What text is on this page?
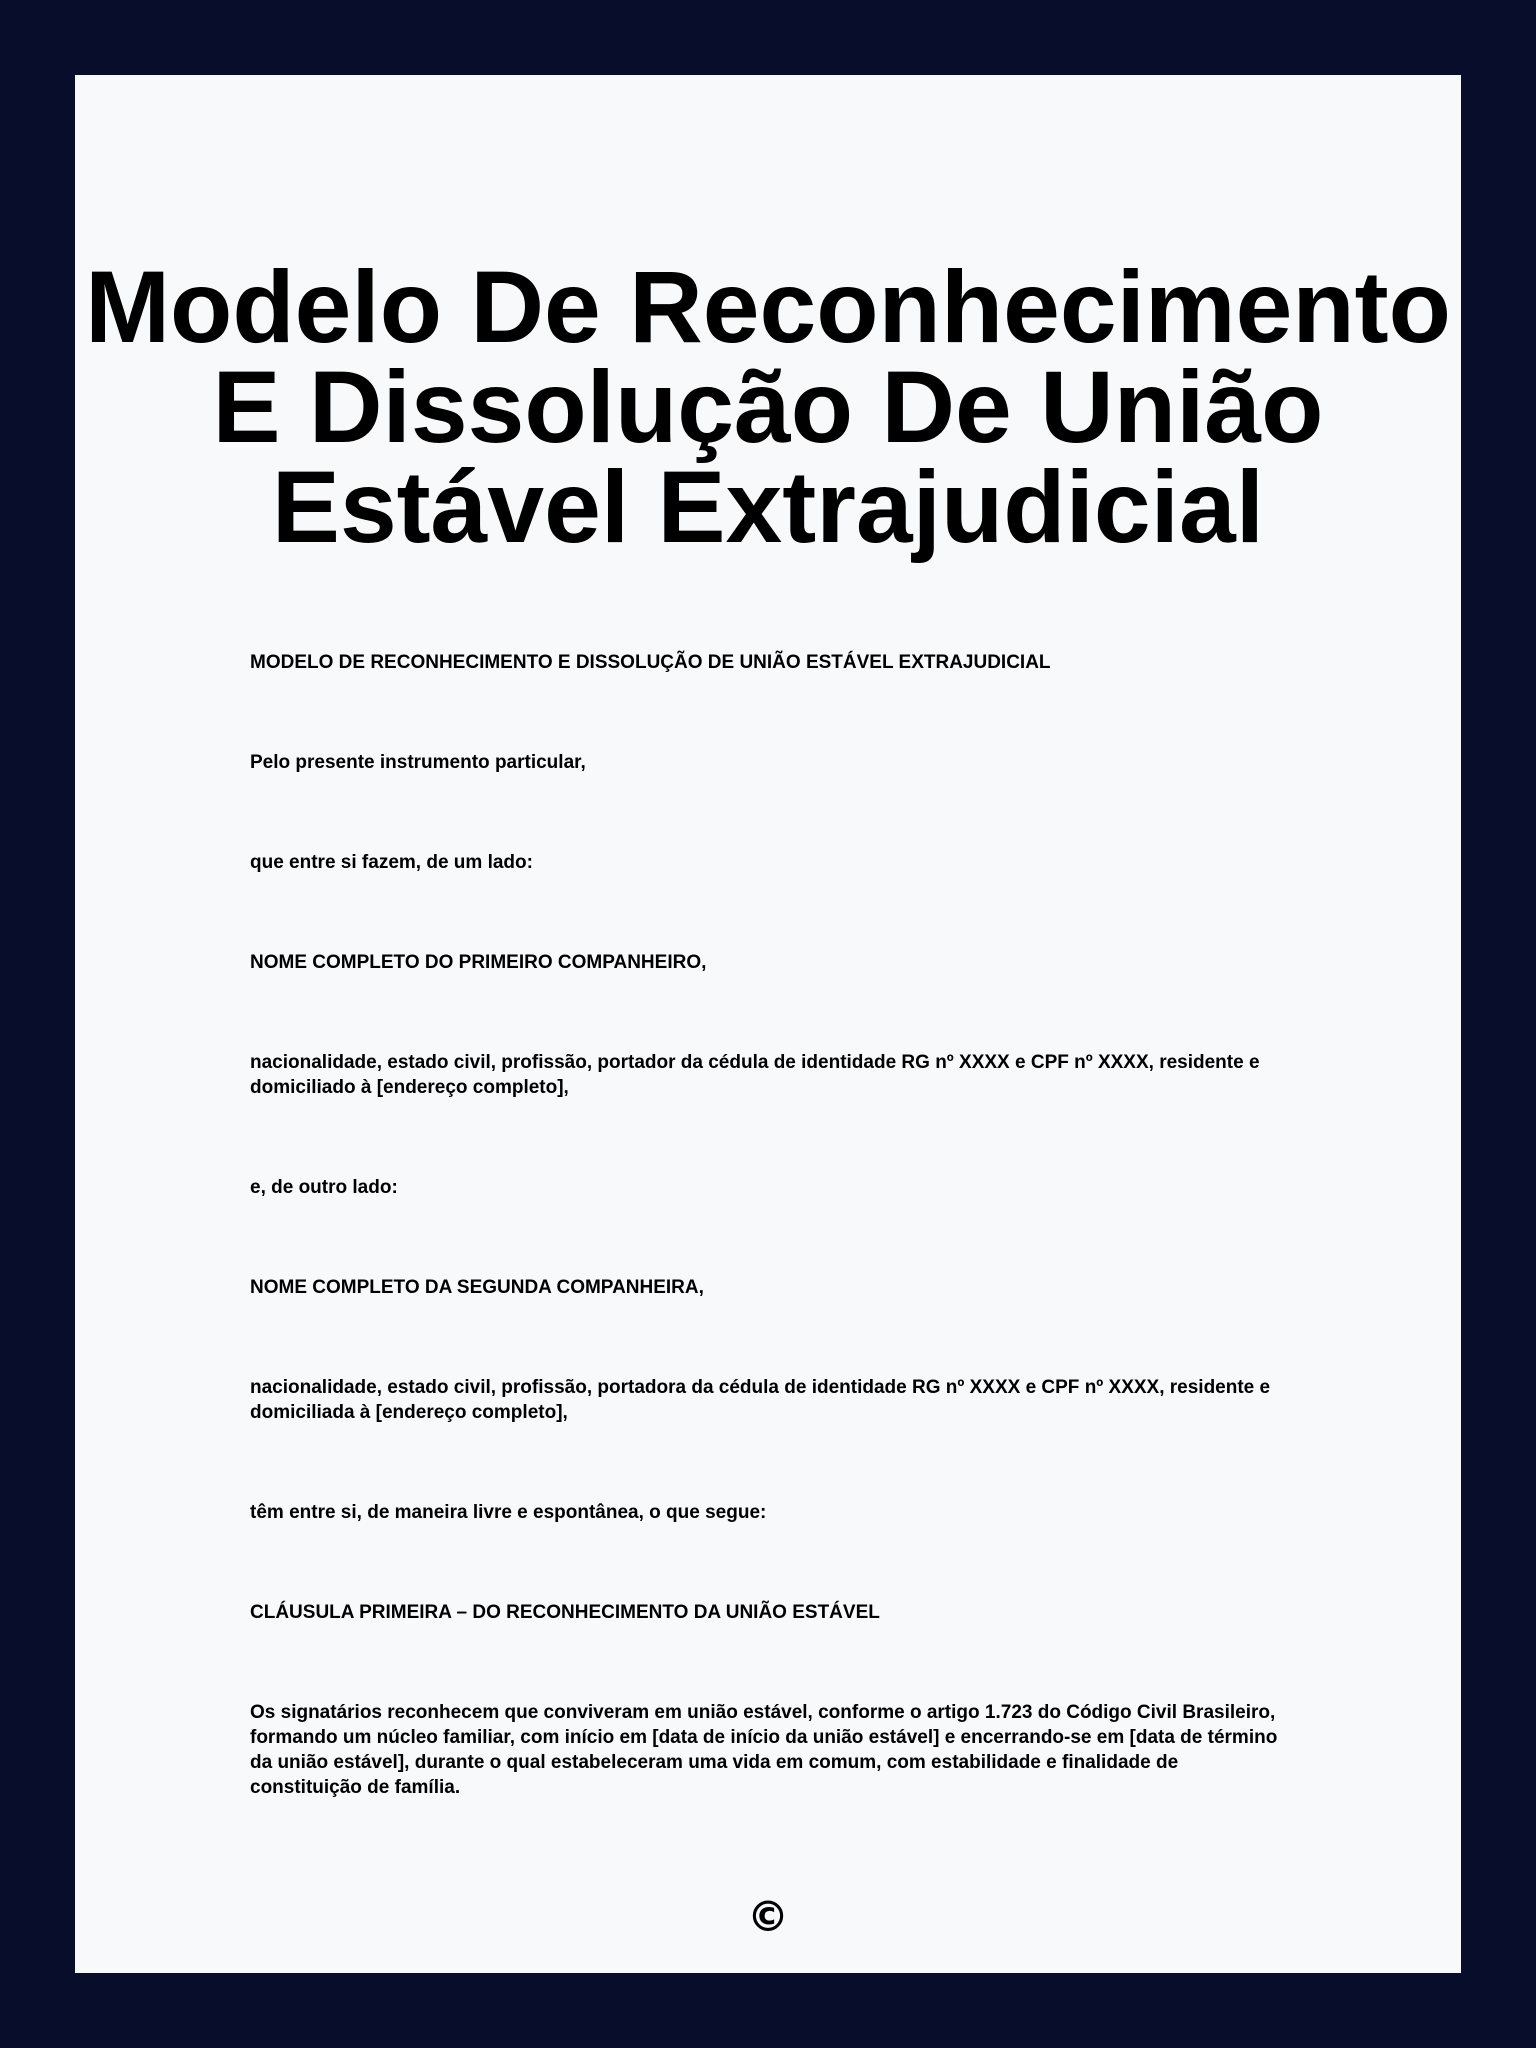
Modelo De Reconhecimento E Dissolução De União Estável Extrajudicial

MODELO DE RECONHECIMENTO E DISSOLUÇÃO DE UNIÃO ESTÁVEL EXTRAJUDICIAL

Pelo presente instrumento particular,

que entre si fazem, de um lado:

NOME COMPLETO DO PRIMEIRO COMPANHEIRO,

nacionalidade, estado civil, profissão, portador da cédula de identidade RG nº XXXX e CPF nº XXXX, residente e domiciliado à [endereço completo],

e, de outro lado:

NOME COMPLETO DA SEGUNDA COMPANHEIRA,

nacionalidade, estado civil, profissão, portadora da cédula de identidade RG nº XXXX e CPF nº XXXX, residente e domiciliada à [endereço completo],

têm entre si, de maneira livre e espontânea, o que segue:

CLÁUSULA PRIMEIRA – DO RECONHECIMENTO DA UNIÃO ESTÁVEL

Os signatários reconhecem que conviveram em união estável, conforme o artigo 1.723 do Código Civil Brasileiro, formando um núcleo familiar, com início em [data de início da união estável] e encerrando-se em [data de término da união estável], durante o qual estabeleceram uma vida em comum, com estabilidade e finalidade de constituição de família.

©
